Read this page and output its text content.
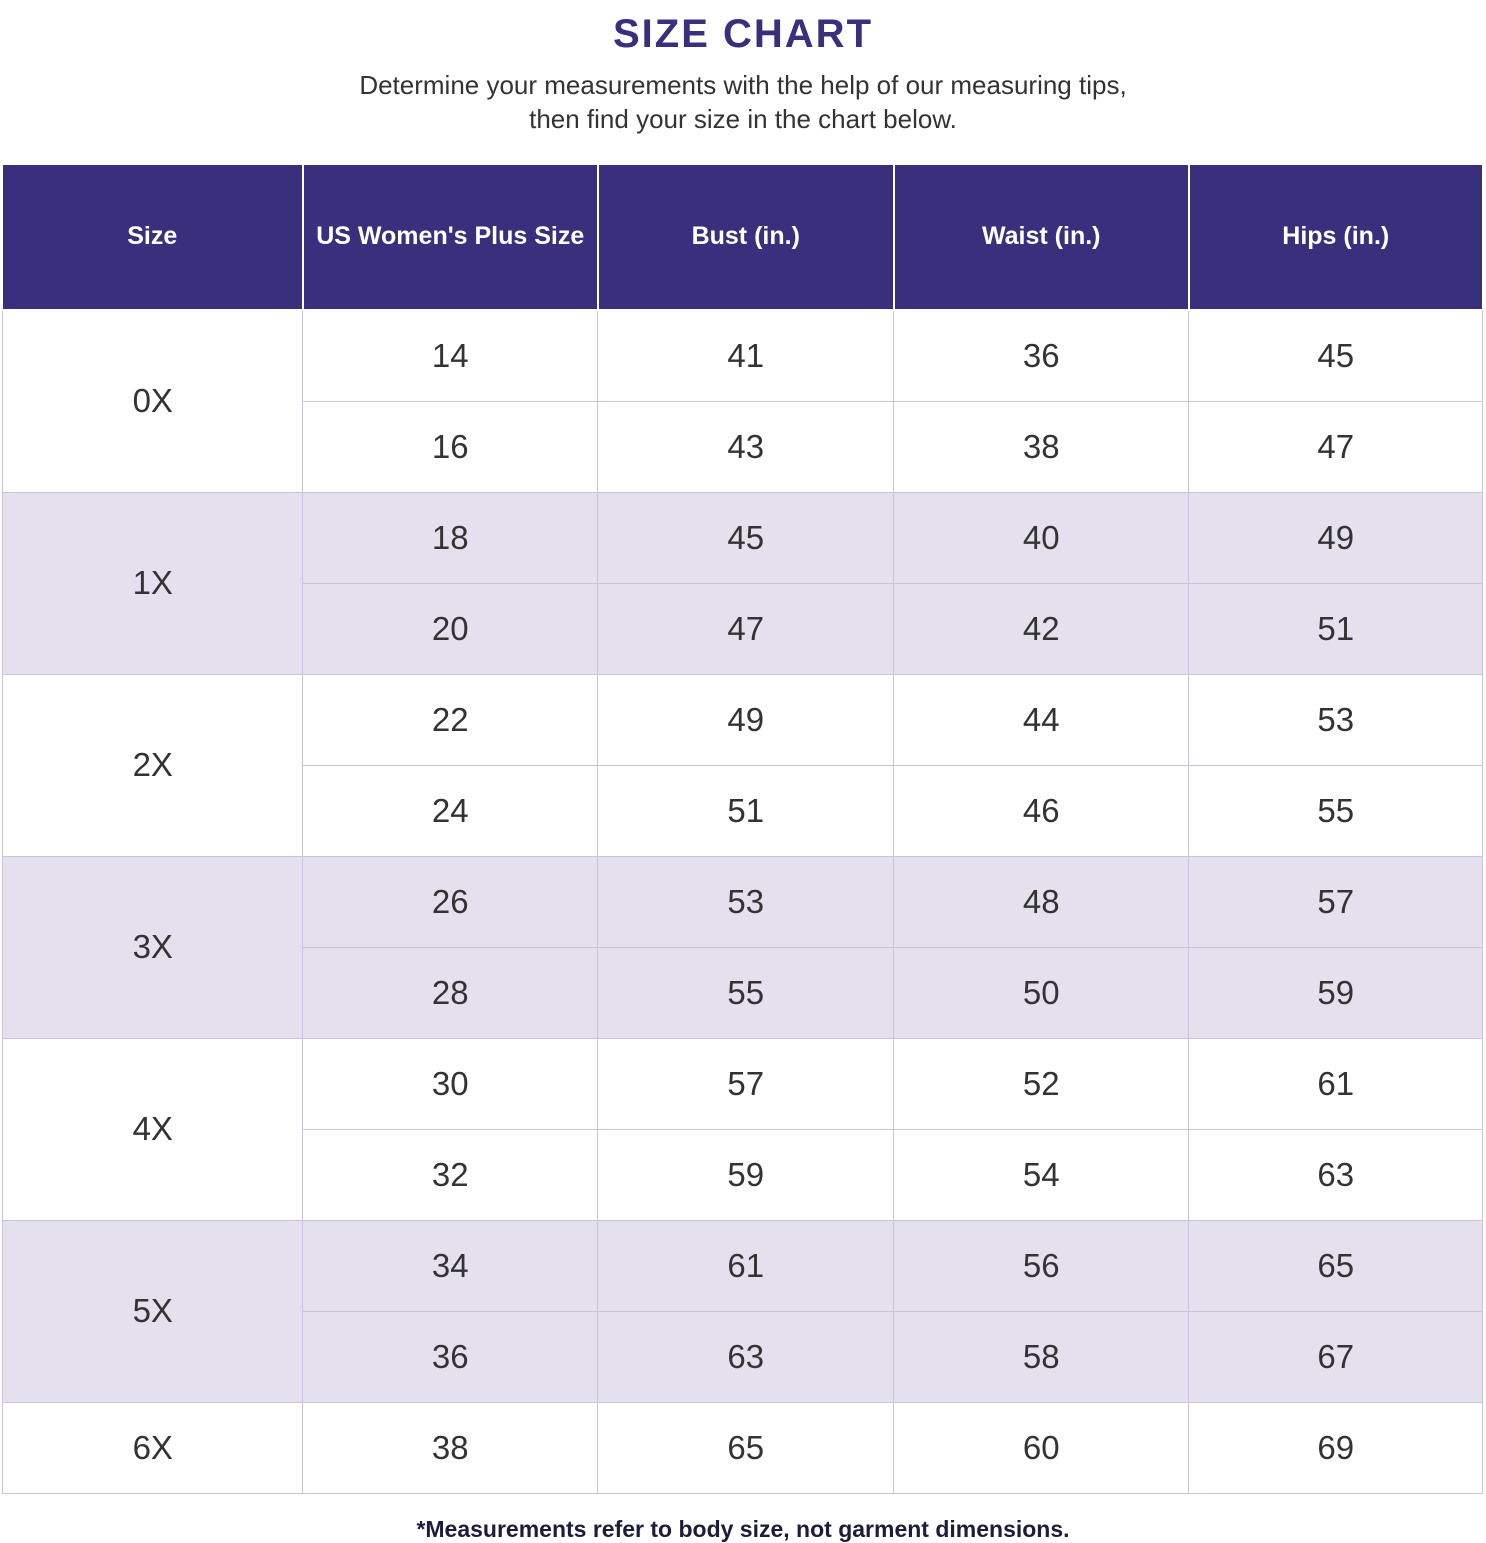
SIZE CHART
Determine your measurements with the help of our measuring tips,
then find your size in the chart below.
Size	US Women's Plus Size	Bust (in.)	Waist (in.)	Hips (in.)
0X	14	41	36	45
	16	43	38	47
1X	18	45	40	49
	20	47	42	51
2X	22	49	44	53
	24	51	46	55
3X	26	53	48	57
	28	55	50	59
4X	30	57	52	61
	32	59	54	63
5X	34	61	56	65
	36	63	58	67
6X	38	65	60	69
*Measurements refer to body size, not garment dimensions.
